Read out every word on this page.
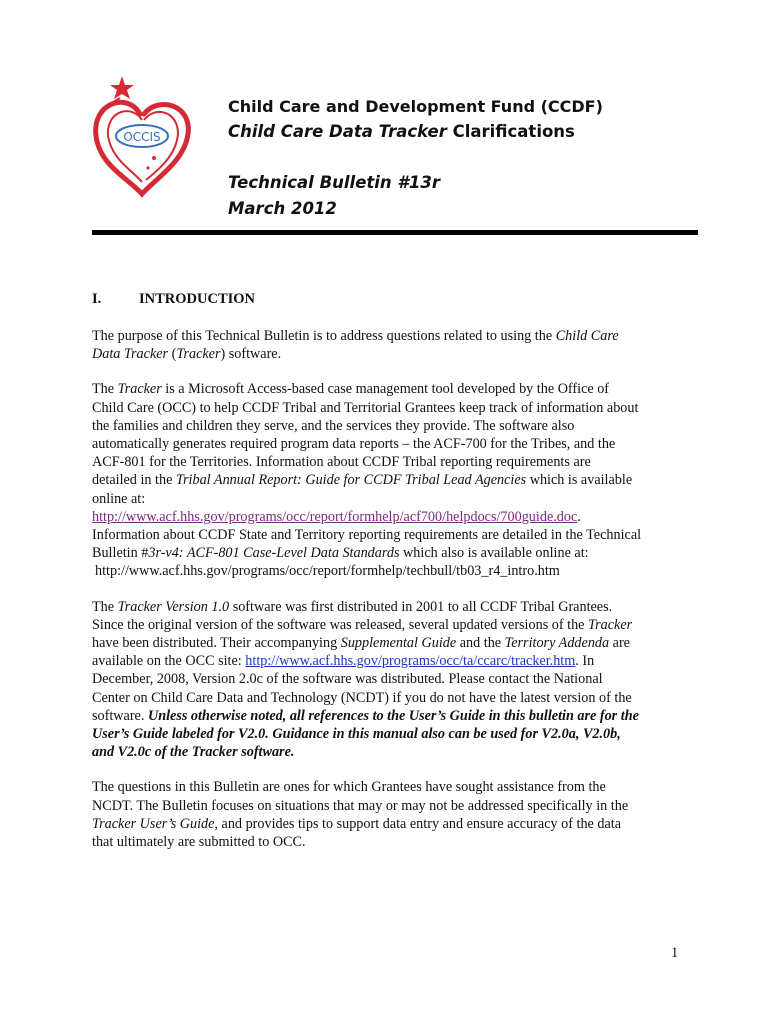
OCCIS
Child Care and Development Fund (CCDF)
Child Care Data Tracker Clarifications
Technical Bulletin #13r
March 2012
I.	INTRODUCTION

The purpose of this Technical Bulletin is to address questions related to using the Child Care
Data Tracker (Tracker) software.

The Tracker is a Microsoft Access-based case management tool developed by the Office of
Child Care (OCC) to help CCDF Tribal and Territorial Grantees keep track of information about
the families and children they serve, and the services they provide. The software also
automatically generates required program data reports – the ACF-700 for the Tribes, and the
ACF-801 for the Territories. Information about CCDF Tribal reporting requirements are
detailed in the Tribal Annual Report: Guide for CCDF Tribal Lead Agencies which is available
online at:
http://www.acf.hhs.gov/programs/occ/report/formhelp/acf700/helpdocs/700guide.doc.
Information about CCDF State and Territory reporting requirements are detailed in the Technical
Bulletin #3r-v4: ACF-801 Case-Level Data Standards which also is available online at:
http://www.acf.hhs.gov/programs/occ/report/formhelp/techbull/tb03_r4_intro.htm

The Tracker Version 1.0 software was first distributed in 2001 to all CCDF Tribal Grantees.
Since the original version of the software was released, several updated versions of the Tracker
have been distributed. Their accompanying Supplemental Guide and the Territory Addenda are
available on the OCC site: http://www.acf.hhs.gov/programs/occ/ta/ccarc/tracker.htm. In
December, 2008, Version 2.0c of the software was distributed. Please contact the National
Center on Child Care Data and Technology (NCDT) if you do not have the latest version of the
software. Unless otherwise noted, all references to the User’s Guide in this bulletin are for the
User’s Guide labeled for V2.0. Guidance in this manual also can be used for V2.0a, V2.0b,
and V2.0c of the Tracker software.

The questions in this Bulletin are ones for which Grantees have sought assistance from the
NCDT. The Bulletin focuses on situations that may or may not be addressed specifically in the
Tracker User’s Guide, and provides tips to support data entry and ensure accuracy of the data
that ultimately are submitted to OCC.

1
